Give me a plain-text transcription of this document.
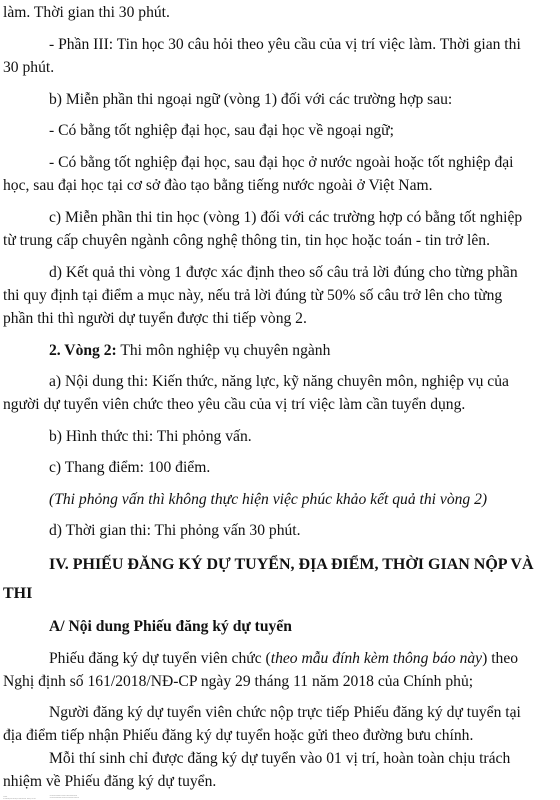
làm. Thời gian thi 30 phút.
- Phần III: Tin học 30 câu hỏi theo yêu cầu của vị trí việc làm. Thời gian thi
30 phút.
b) Miễn phần thi ngoại ngữ (vòng 1) đối với các trường hợp sau:
- Có bằng tốt nghiệp đại học, sau đại học về ngoại ngữ;
- Có bằng tốt nghiệp đại học, sau đại học ở nước ngoài hoặc tốt nghiệp đại
học, sau đại học tại cơ sở đào tạo bằng tiếng nước ngoài ở Việt Nam.
c) Miễn phần thi tin học (vòng 1) đối với các trường hợp có bằng tốt nghiệp
từ trung cấp chuyên ngành công nghệ thông tin, tin học hoặc toán - tin trở lên.
d) Kết quả thi vòng 1 được xác định theo số câu trả lời đúng cho từng phần
thi quy định tại điểm a mục này, nếu trả lời đúng từ 50% số câu trở lên cho từng
phần thi thì người dự tuyển được thi tiếp vòng 2.
2. Vòng 2: Thi môn nghiệp vụ chuyên ngành
a) Nội dung thi: Kiến thức, năng lực, kỹ năng chuyên môn, nghiệp vụ của
người dự tuyển viên chức theo yêu cầu của vị trí việc làm cần tuyển dụng.
b) Hình thức thi: Thi phỏng vấn.
c) Thang điểm: 100 điểm.
(Thi phỏng vấn thì không thực hiện việc phúc khảo kết quả thi vòng 2)
d) Thời gian thi: Thi phỏng vấn 30 phút.
IV. PHIẾU ĐĂNG KÝ DỰ TUYỂN, ĐỊA ĐIỂM, THỜI GIAN NỘP VÀ
THI
A/ Nội dung Phiếu đăng ký dự tuyển
Phiếu đăng ký dự tuyển viên chức (theo mẫu đính kèm thông báo này) theo
Nghị định số 161/2018/NĐ-CP ngày 29 tháng 11 năm 2018 của Chính phủ;
Người đăng ký dự tuyển viên chức nộp trực tiếp Phiếu đăng ký dự tuyển tại
địa điểm tiếp nhận Phiếu đăng ký dự tuyển hoặc gửi theo đường bưu chính.
Mỗi thí sinh chỉ được đăng ký dự tuyển vào 01 vị trí, hoàn toàn chịu trách
nhiệm về Phiếu đăng ký dự tuyển.
B/ Thời gian và địa điểm nhận Phiếu đăng ký dự tuyển:
- Thời hạn nhận Phiếu đăng ký dự tuyển: Từ ngày 27/4/2020 đến ngày
30/6/2020.
- Thời gian nhận Phiếu đăng ký dự tuyển vào giờ hành chính các ngày làm
